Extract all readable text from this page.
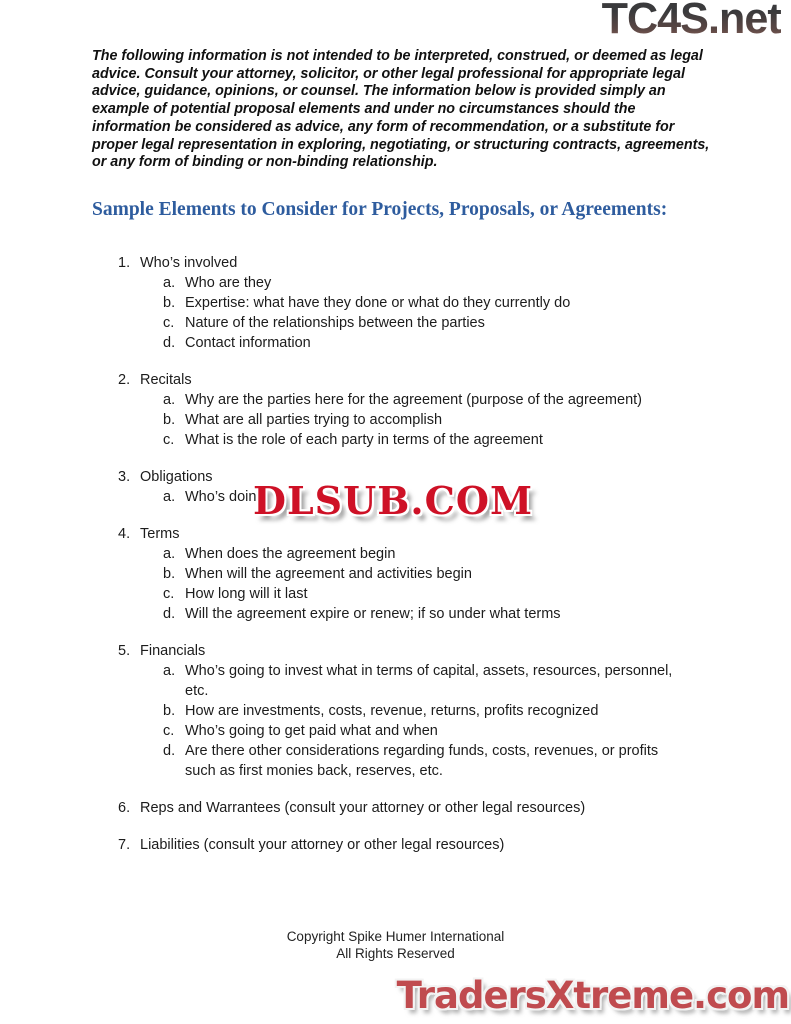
TC4S.net

The following information is not intended to be interpreted, construed, or deemed as legal advice. Consult your attorney, solicitor, or other legal professional for appropriate legal advice, guidance, opinions, or counsel. The information below is provided simply an example of potential proposal elements and under no circumstances should the information be considered as advice, any form of recommendation, or a substitute for proper legal representation in exploring, negotiating, or structuring contracts, agreements, or any form of binding or non-binding relationship.

Sample Elements to Consider for Projects, Proposals, or Agreements:
1. Who’s involved
a. Who are they
b. Expertise: what have they done or what do they currently do
c. Nature of the relationships between the parties
d. Contact information
2. Recitals
a. Why are the parties here for the agreement (purpose of the agreement)
b. What are all parties trying to accomplish
c. What is the role of each party in terms of the agreement
3. Obligations
a. Who’s doing
4. Terms
a. When does the agreement begin
b. When will the agreement and activities begin
c. How long will it last
d. Will the agreement expire or renew; if so under what terms
5. Financials
a. Who’s going to invest what in terms of capital, assets, resources, personnel, etc.
b. How are investments, costs, revenue, returns, profits recognized
c. Who’s going to get paid what and when
d. Are there other considerations regarding funds, costs, revenues, or profits such as first monies back, reserves, etc.
6. Reps and Warrantees (consult your attorney or other legal resources)
7. Liabilities (consult your attorney or other legal resources)
DLSUB.COM
Copyright Spike Humer International
All Rights Reserved
TradersXtreme.com
